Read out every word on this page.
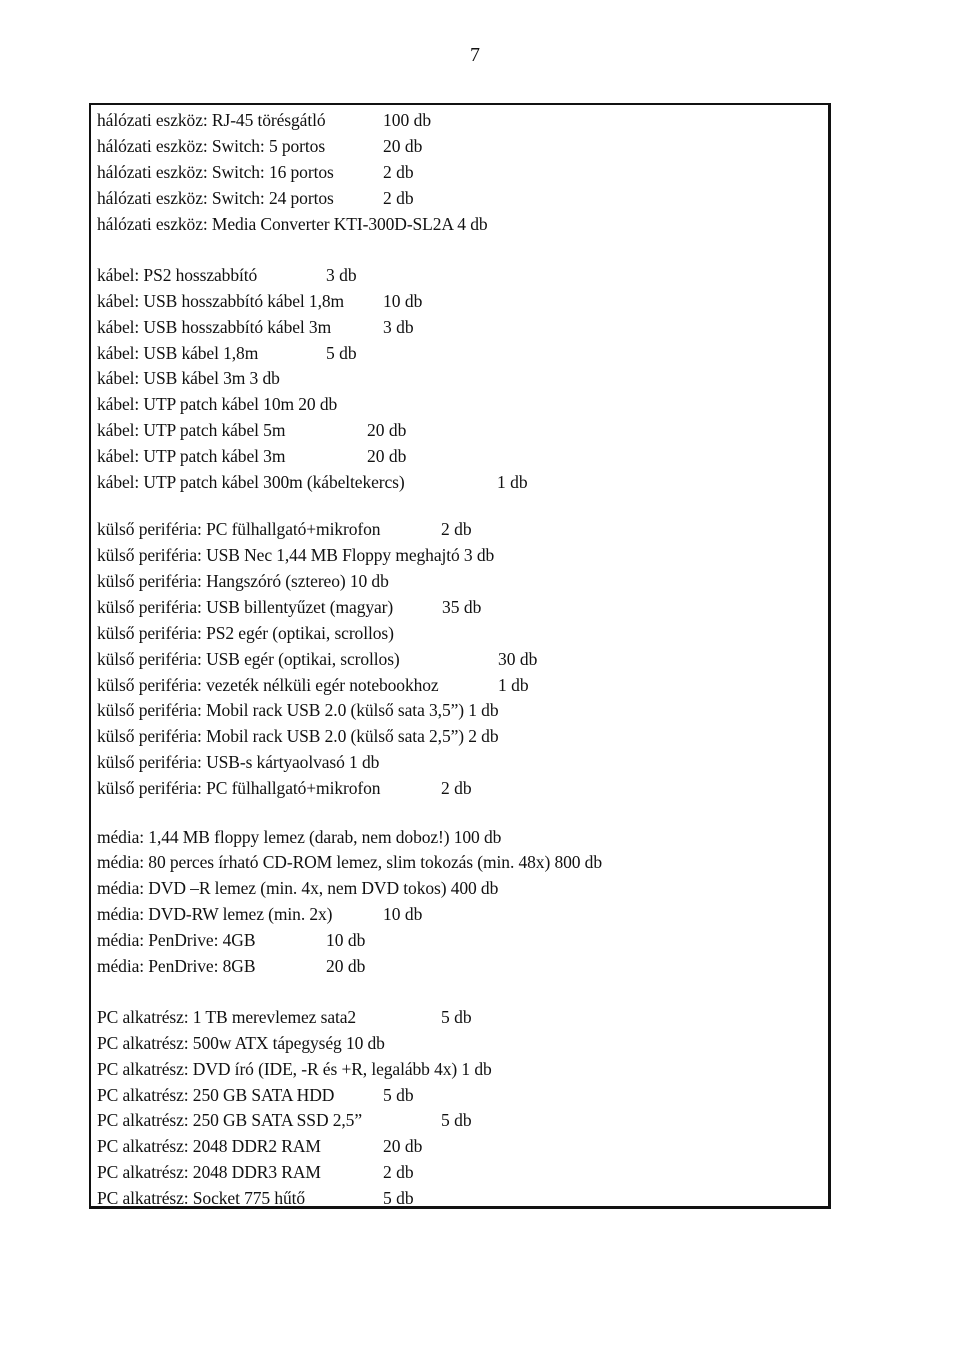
7
hálózati eszköz: RJ-45 törésgátló	100 db
hálózati eszköz: Switch: 5 portos	20 db
hálózati eszköz: Switch: 16 portos	2 db
hálózati eszköz: Switch: 24 portos	2 db
hálózati eszköz: Media Converter KTI-300D-SL2A 4 db
kábel: PS2 hosszabbító	3 db
kábel: USB hosszabbító kábel 1,8m 10 db
kábel: USB hosszabbító kábel 3m	3 db
kábel: USB kábel 1,8m	5 db
kábel: USB kábel 3m 3 db
kábel: UTP patch kábel 10m 20 db
kábel: UTP patch kábel 5m	20 db
kábel: UTP patch kábel 3m	20 db
kábel: UTP patch kábel 300m (kábeltekercs)	1 db
külső periféria: PC fülhallgató+mikrofon	2 db
külső periféria: USB Nec 1,44 MB Floppy meghajtó 3 db
külső periféria: Hangszóró (sztereo) 10 db
külső periféria: USB billentyűzet (magyar)	35 db
külső periféria: PS2 egér (optikai, scrollos)
külső periféria: USB egér (optikai, scrollos)	30 db
külső periféria: vezeték nélküli egér notebookhoz	1 db
külső periféria: Mobil rack USB 2.0 (külső sata 3,5”) 1 db
külső periféria: Mobil rack USB 2.0 (külső sata 2,5”) 2 db
külső periféria: USB-s kártyaolvasó 1 db
külső periféria: PC fülhallgató+mikrofon	2 db
média: 1,44 MB floppy lemez (darab, nem doboz!) 100 db
média: 80 perces írható CD-ROM lemez, slim tokozás (min. 48x) 800 db
média: DVD –R lemez (min. 4x, nem DVD tokos) 400 db
média: DVD-RW lemez (min. 2x)	10 db
média: PenDrive: 4GB	10 db
média: PenDrive: 8GB	20 db
PC alkatrész: 1 TB merevlemez sata2	5 db
PC alkatrész: 500w ATX tápegység 10 db
PC alkatrész: DVD író (IDE, -R és +R, legalább 4x) 1 db
PC alkatrész: 250 GB SATA HDD	5 db
PC alkatrész: 250 GB SATA SSD 2,5”	5 db
PC alkatrész: 2048 DDR2 RAM	20 db
PC alkatrész: 2048 DDR3 RAM	2 db
PC alkatrész: Socket 775 hűtő	5 db
